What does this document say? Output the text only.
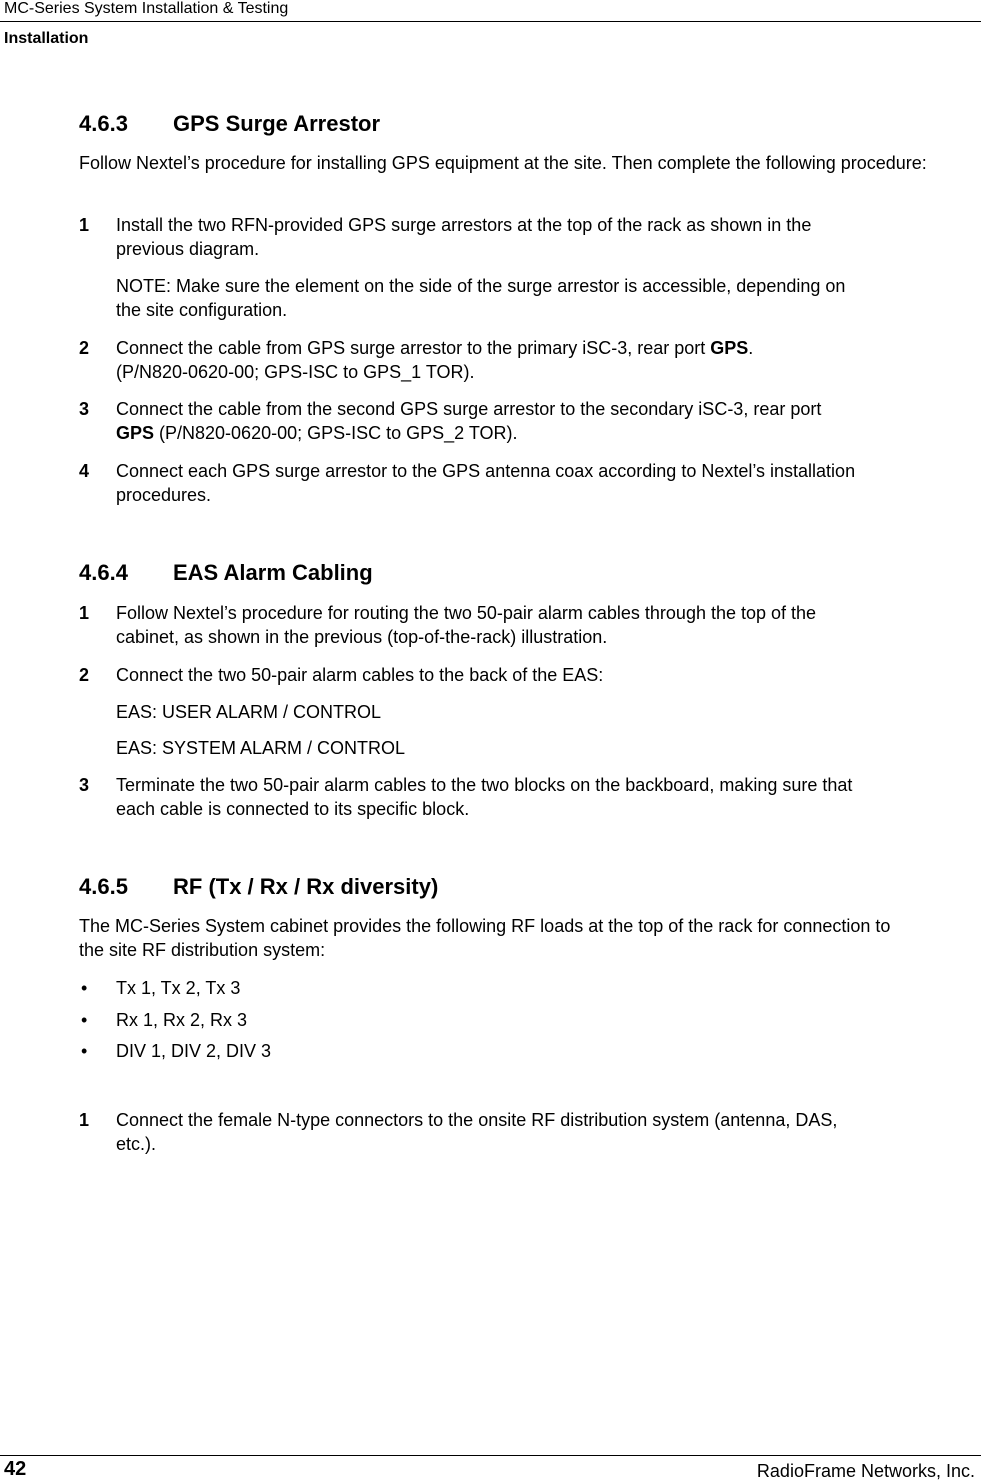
MC-Series System Installation & Testing
Installation
4.6.3 GPS Surge Arrestor
Follow Nextel’s procedure for installing GPS equipment at the site. Then complete the following procedure:
1 Install the two RFN-provided GPS surge arrestors at the top of the rack as shown in the
previous diagram.
NOTE: Make sure the element on the side of the surge arrestor is accessible, depending on
the site configuration.
2 Connect the cable from GPS surge arrestor to the primary iSC-3, rear port GPS.
(P/N820-0620-00; GPS-ISC to GPS_1 TOR).
3 Connect the cable from the second GPS surge arrestor to the secondary iSC-3, rear port
GPS (P/N820-0620-00; GPS-ISC to GPS_2 TOR).
4 Connect each GPS surge arrestor to the GPS antenna coax according to Nextel’s installation
procedures.
4.6.4 EAS Alarm Cabling
1 Follow Nextel’s procedure for routing the two 50-pair alarm cables through the top of the
cabinet, as shown in the previous (top-of-the-rack) illustration.
2 Connect the two 50-pair alarm cables to the back of the EAS:
EAS: USER ALARM / CONTROL
EAS: SYSTEM ALARM / CONTROL
3 Terminate the two 50-pair alarm cables to the two blocks on the backboard, making sure that
each cable is connected to its specific block.
4.6.5 RF (Tx / Rx / Rx diversity)
The MC-Series System cabinet provides the following RF loads at the top of the rack for connection to the site RF distribution system:
• Tx 1, Tx 2, Tx 3
• Rx 1, Rx 2, Rx 3
• DIV 1, DIV 2, DIV 3
1 Connect the female N-type connectors to the onsite RF distribution system (antenna, DAS,
etc.).
42	RadioFrame Networks, Inc.
